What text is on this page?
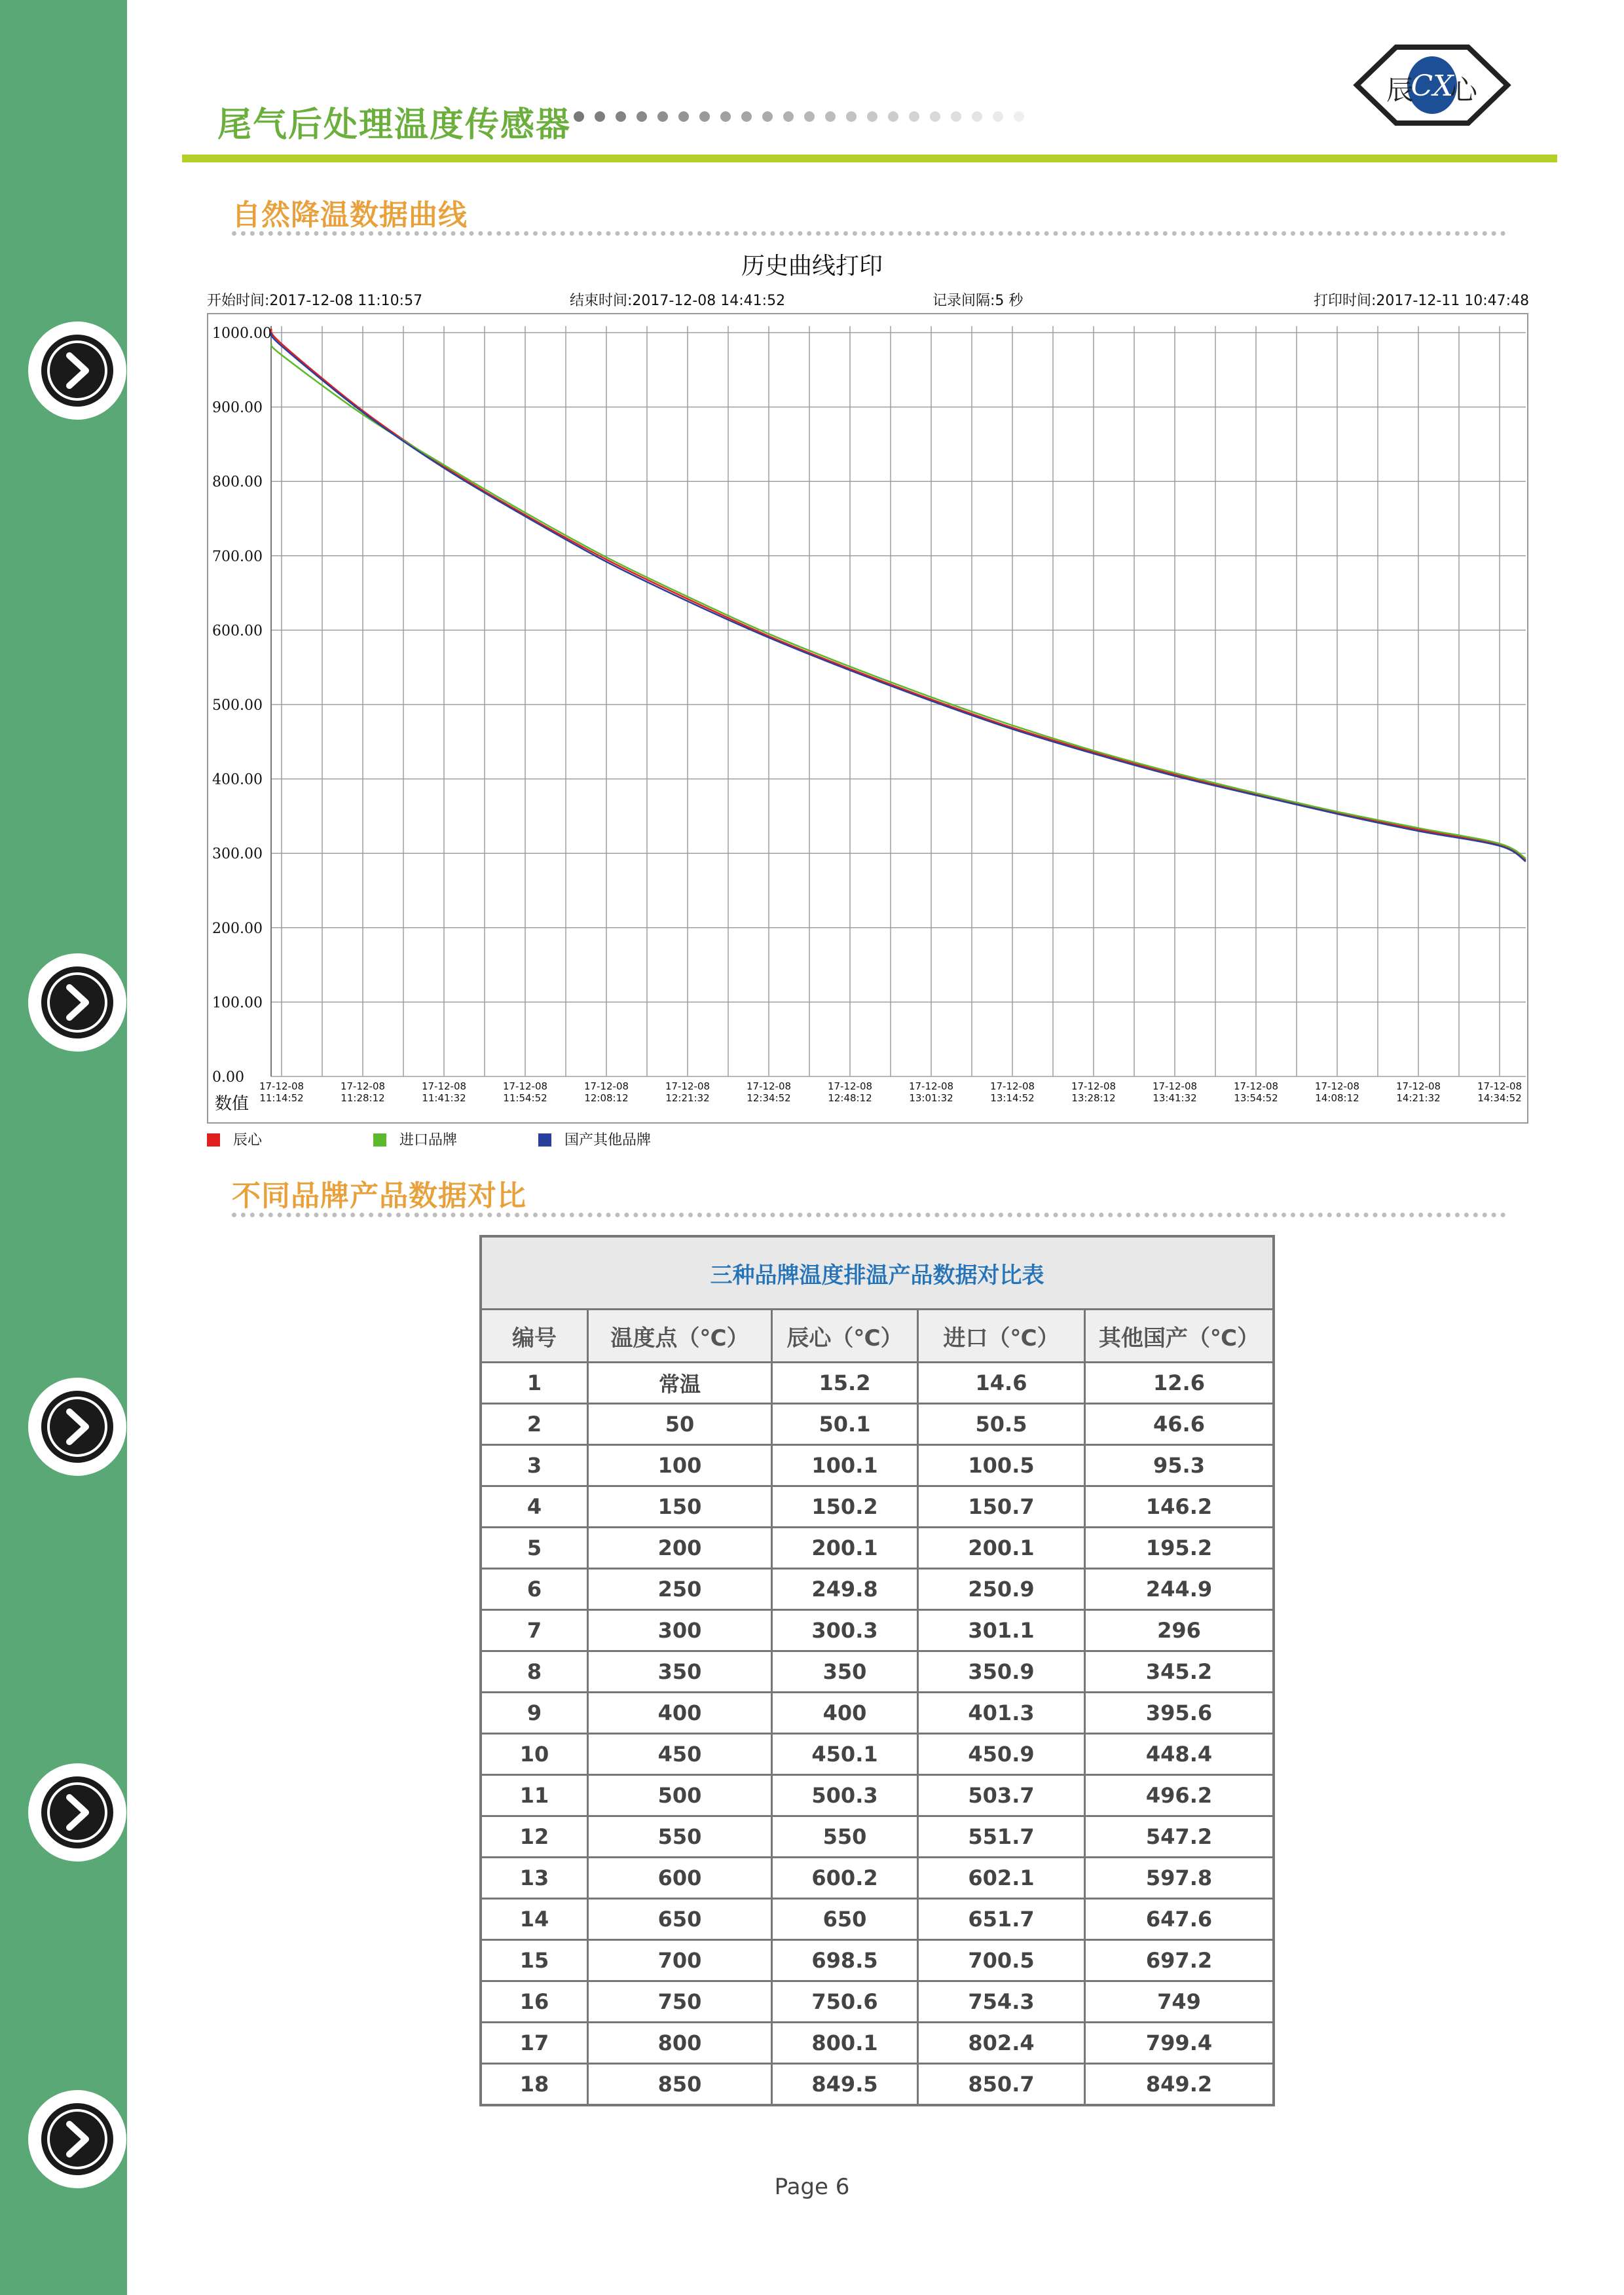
尾气后处理温度传感器
辰
CX
心
自然降温数据曲线
历史曲线打印
开始时间:2017-12-08 11:10:57	结束时间:2017-12-08 14:41:52	记录间隔:5 秒	打印时间:2017-12-11 10:47:48
1000.00
900.00
800.00
700.00
600.00
500.00
400.00
300.00
200.00
100.00
0.00
17-12-08
11:14:52
17-12-08
11:28:12
17-12-08
11:41:32
17-12-08
11:54:52
17-12-08
12:08:12
17-12-08
12:21:32
17-12-08
12:34:52
17-12-08
12:48:12
17-12-08
13:01:32
17-12-08
13:14:52
17-12-08
13:28:12
17-12-08
13:41:32
17-12-08
13:54:52
17-12-08
14:08:12
17-12-08
14:21:32
17-12-08
14:34:52
数值
辰心	进口品牌	国产其他品牌
不同品牌产品数据对比
三种品牌温度排温产品数据对比表				
编号	温度点（℃）	辰心（℃）	进口（℃）	其他国产（℃）
1	常温	15.2	14.6	12.6
2	50	50.1	50.5	46.6
3	100	100.1	100.5	95.3
4	150	150.2	150.7	146.2
5	200	200.1	200.1	195.2
6	250	249.8	250.9	244.9
7	300	300.3	301.1	296
8	350	350	350.9	345.2
9	400	400	401.3	395.6
10	450	450.1	450.9	448.4
11	500	500.3	503.7	496.2
12	550	550	551.7	547.2
13	600	600.2	602.1	597.8
14	650	650	651.7	647.6
15	700	698.5	700.5	697.2
16	750	750.6	754.3	749
17	800	800.1	802.4	799.4
18	850	849.5	850.7	849.2
Page 6
